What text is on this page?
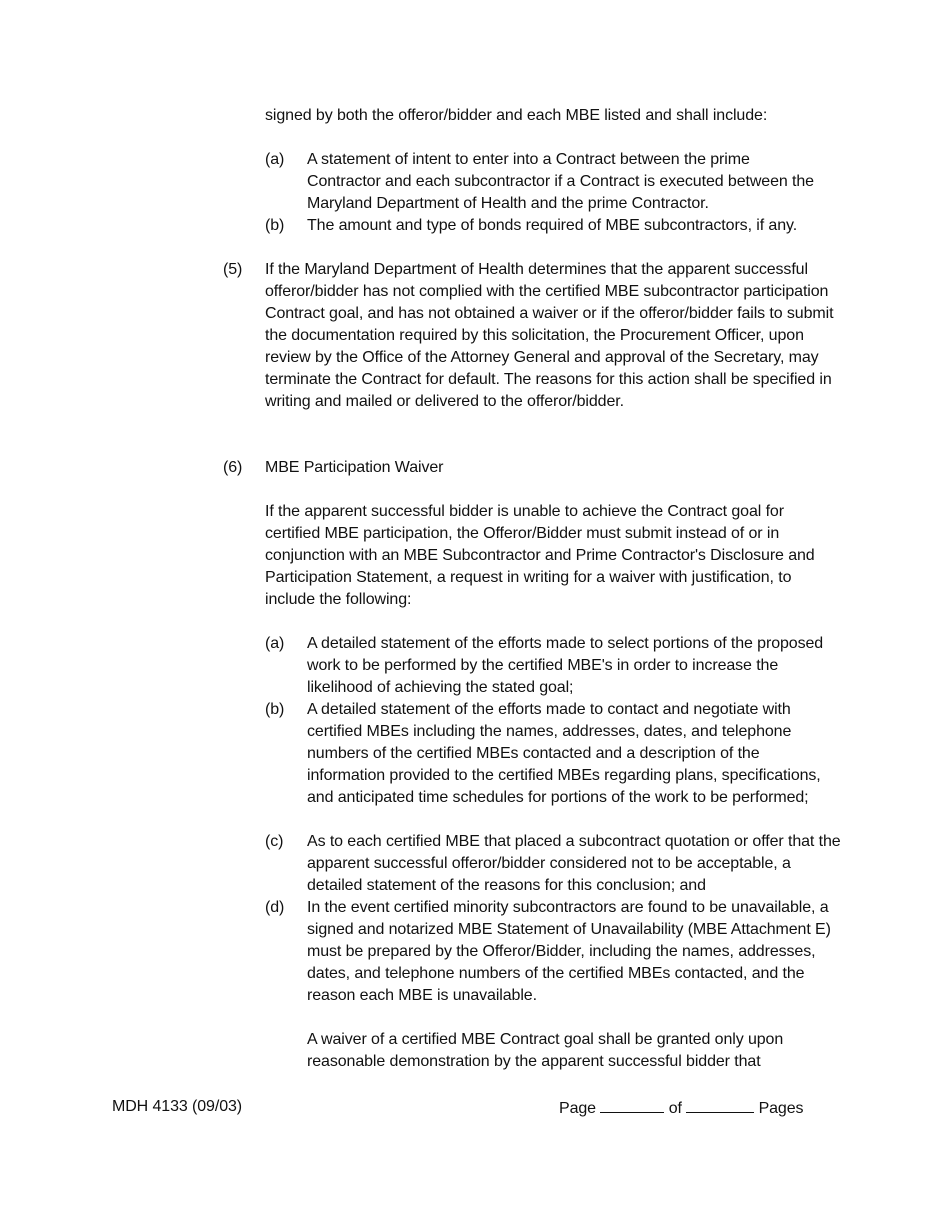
signed by both the offeror/bidder and each MBE listed and shall include:

(a) A statement of intent to enter into a Contract between the prime Contractor and each subcontractor if a Contract is executed between the Maryland Department of Health and the prime Contractor.

(b) The amount and type of bonds required of MBE subcontractors, if any.

(5) If the Maryland Department of Health determines that the apparent successful offeror/bidder has not complied with the certified MBE subcontractor participation Contract goal, and has not obtained a waiver or if the offeror/bidder fails to submit the documentation required by this solicitation, the Procurement Officer, upon review by the Office of the Attorney General and approval of the Secretary, may terminate the Contract for default. The reasons for this action shall be specified in writing and mailed or delivered to the offeror/bidder.

(6) MBE Participation Waiver

If the apparent successful bidder is unable to achieve the Contract goal for certified MBE participation, the Offeror/Bidder must submit instead of or in conjunction with an MBE Subcontractor and Prime Contractor's Disclosure and Participation Statement, a request in writing for a waiver with justification, to include the following:

(a) A detailed statement of the efforts made to select portions of the proposed work to be performed by the certified MBE's in order to increase the likelihood of achieving the stated goal;

(b) A detailed statement of the efforts made to contact and negotiate with certified MBEs including the names, addresses, dates, and telephone numbers of the certified MBEs contacted and a description of the information provided to the certified MBEs regarding plans, specifications, and anticipated time schedules for portions of the work to be performed;

(c) As to each certified MBE that placed a subcontract quotation or offer that the apparent successful offeror/bidder considered not to be acceptable, a detailed statement of the reasons for this conclusion; and

(d) In the event certified minority subcontractors are found to be unavailable, a signed and notarized MBE Statement of Unavailability (MBE Attachment E) must be prepared by the Offeror/Bidder, including the names, addresses, dates, and telephone numbers of the certified MBEs contacted, and the reason each MBE is unavailable.

A waiver of a certified MBE Contract goal shall be granted only upon reasonable demonstration by the apparent successful bidder that

MDH 4133 (09/03)	Page	of	Pages
